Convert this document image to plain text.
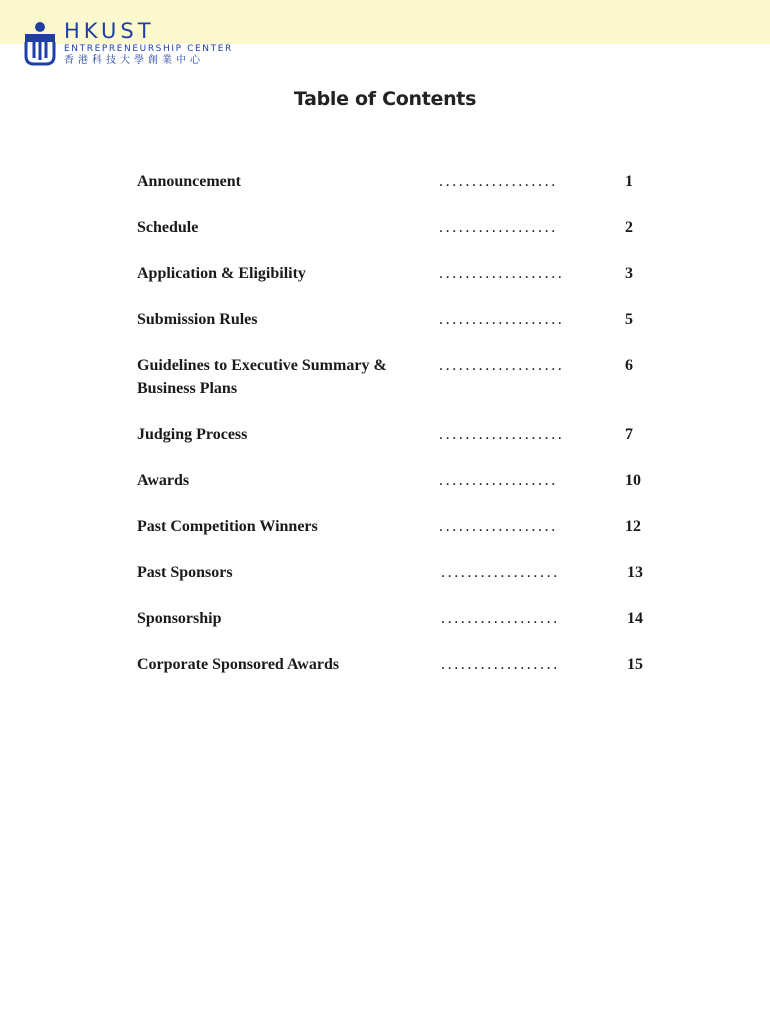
HKUST
ENTREPRENEURSHIP CENTER
香港科技大學創業中心
Table of Contents
Announcement	..................	1
Schedule	..................	2
Application & Eligibility	...................	3
Submission Rules	...................	5
Guidelines to Executive Summary & Business Plans
...................	6
Judging Process	...................	7
Awards	..................	10
Past Competition Winners	..................	12
Past Sponsors	..................	13
Sponsorship	..................	14
Corporate Sponsored Awards	..................	15
